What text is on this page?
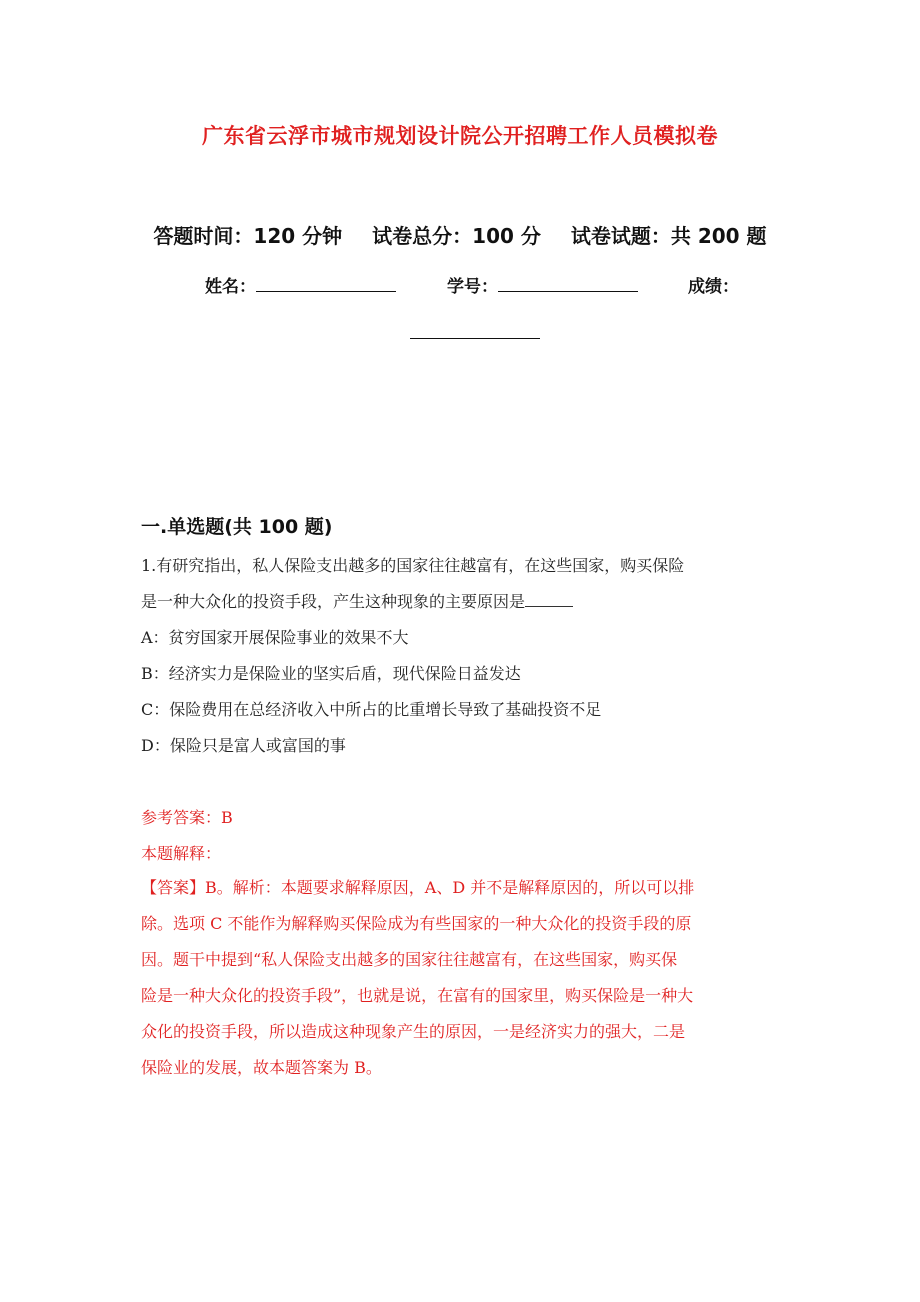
广东省云浮市城市规划设计院公开招聘工作人员模拟卷
答题时间：120 分钟 试卷总分：100 分 试卷试题：共 200 题
姓名：	学号：	成绩：
一.单选题(共 100 题)
1.有研究指出，私人保险支出越多的国家往往越富有，在这些国家，购买保险
是一种大众化的投资手段，产生这种现象的主要原因是
A：贫穷国家开展保险事业的效果不大
B：经济实力是保险业的坚实后盾，现代保险日益发达
C：保险费用在总经济收入中所占的比重增长导致了基础投资不足
D：保险只是富人或富国的事
参考答案：B
本题解释：
【答案】B。解析：本题要求解释原因，A、D 并不是解释原因的，所以可以排
除。选项 C 不能作为解释购买保险成为有些国家的一种大众化的投资手段的原
因。题干中提到“私人保险支出越多的国家往往越富有，在这些国家，购买保
险是一种大众化的投资手段”，也就是说，在富有的国家里，购买保险是一种大
众化的投资手段，所以造成这种现象产生的原因，一是经济实力的强大，二是
保险业的发展，故本题答案为 B。
